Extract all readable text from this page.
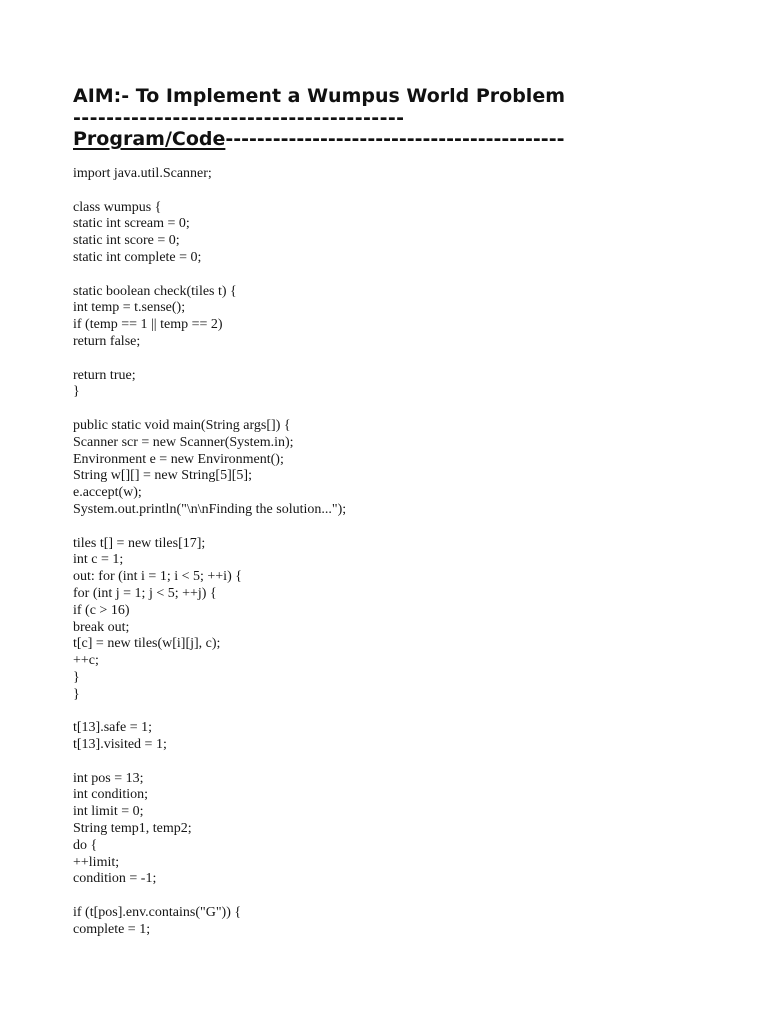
AIM:- To Implement a Wumpus World Problem
----------------------------------------
Program/Code-------------------------------------------
import java.util.Scanner;
class wumpus {
static int scream = 0;
static int score = 0;
static int complete = 0;
static boolean check(tiles t) {
int temp = t.sense();
if (temp == 1 || temp == 2)
return false;
return true;
}
public static void main(String args[]) {
Scanner scr = new Scanner(System.in);
Environment e = new Environment();
String w[][] = new String[5][5];
e.accept(w);
System.out.println("\n\nFinding the solution...");
tiles t[] = new tiles[17];
int c = 1;
out: for (int i = 1; i < 5; ++i) {
for (int j = 1; j < 5; ++j) {
if (c > 16)
break out;
t[c] = new tiles(w[i][j], c);
++c;
}
}
t[13].safe = 1;
t[13].visited = 1;
int pos = 13;
int condition;
int limit = 0;
String temp1, temp2;
do {
++limit;
condition = -1;
if (t[pos].env.contains("G")) {
complete = 1;
